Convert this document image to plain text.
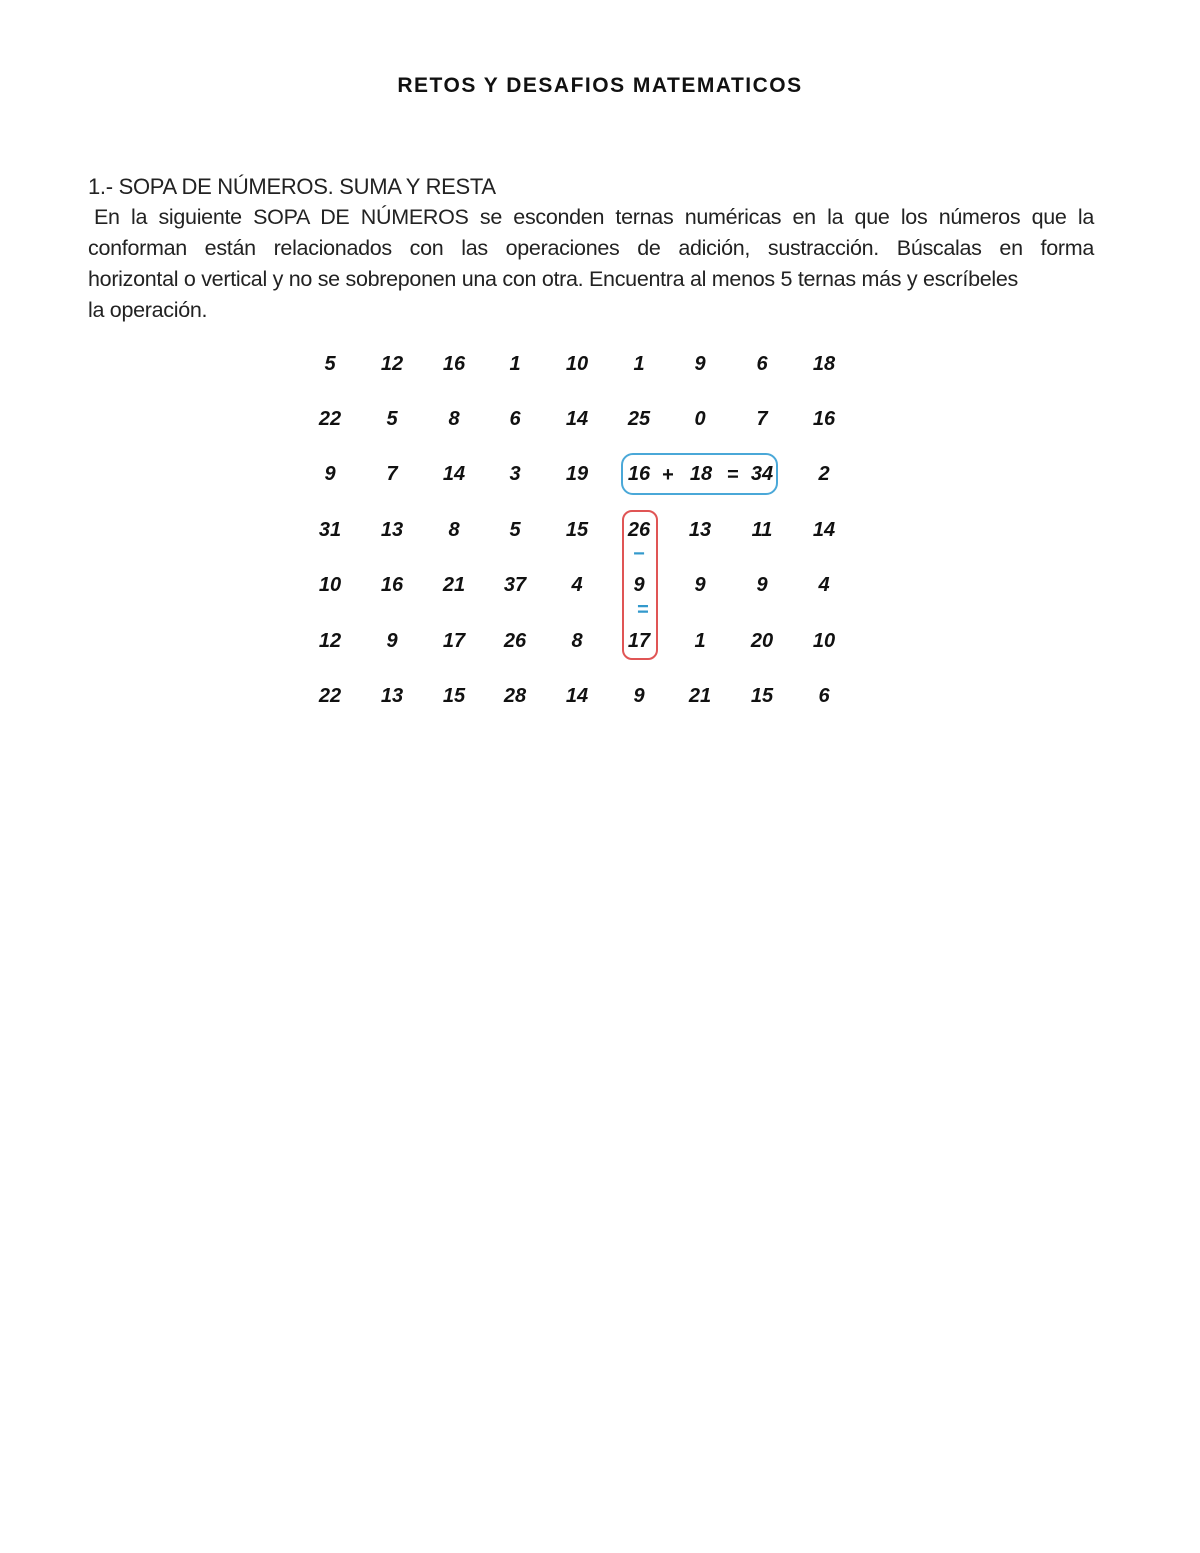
RETOS Y DESAFIOS MATEMATICOS
1.- SOPA DE NÚMEROS. SUMA Y RESTA
En la siguiente SOPA DE NÚMEROS se esconden ternas numéricas en la que los números que la
conforman están relacionados con las operaciones de adición, sustracción. Búscalas en forma
horizontal o vertical y no se sobreponen una con otra. Encuentra al menos 5 ternas más y escríbeles
la operación.
+	=
−
=
5	12	16	1	10	1	9	6	18
22	5	8	6	14	25	0	7	16
9	7	14	3	19	16	18	34	2
31	13	8	5	15	26	13	11	14
10	16	21	37	4	9	9	9	4
12	9	17	26	8	17	1	20	10
22	13	15	28	14	9	21	15	6
